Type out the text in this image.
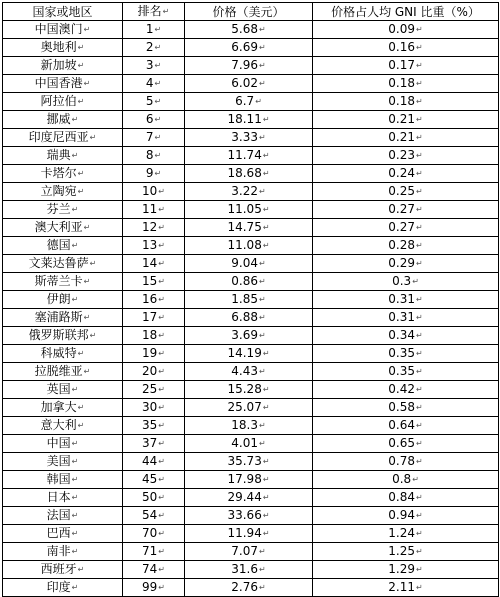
国家或地区	排名 ↵	价格（美元）	价格占人均 GNI 比重（%）
中国澳门 ↵	1 ↵	5.68 ↵	0.09 ↵
奥地利 ↵	2 ↵	6.69 ↵	0.16 ↵
新加坡 ↵	3 ↵	7.96 ↵	0.17 ↵
中国香港 ↵	4 ↵	6.02 ↵	0.18 ↵
阿拉伯 ↵	5 ↵	6.7 ↵	0.18 ↵
挪威 ↵	6 ↵	18.11 ↵	0.21 ↵
印度尼西亚 ↵	7 ↵	3.33 ↵	0.21 ↵
瑞典 ↵	8 ↵	11.74 ↵	0.23 ↵
卡塔尔 ↵	9 ↵	18.68 ↵	0.24 ↵
立陶宛 ↵	10 ↵	3.22 ↵	0.25 ↵
芬兰 ↵	11 ↵	11.05 ↵	0.27 ↵
澳大利亚 ↵	12 ↵	14.75 ↵	0.27 ↵
德国 ↵	13 ↵	11.08 ↵	0.28 ↵
文莱达鲁萨 ↵	14 ↵	9.04 ↵	0.29 ↵
斯蒂兰卡 ↵	15 ↵	0.86 ↵	0.3 ↵
伊朗 ↵	16 ↵	1.85 ↵	0.31 ↵
塞浦路斯 ↵	17 ↵	6.88 ↵	0.31 ↵
俄罗斯联邦 ↵	18 ↵	3.69 ↵	0.34 ↵
科威特 ↵	19 ↵	14.19 ↵	0.35 ↵
拉脱维亚 ↵	20 ↵	4.43 ↵	0.35 ↵
英国 ↵	25 ↵	15.28 ↵	0.42 ↵
加拿大 ↵	30 ↵	25.07 ↵	0.58 ↵
意大利 ↵	35 ↵	18.3 ↵	0.64 ↵
中国 ↵	37 ↵	4.01 ↵	0.65 ↵
美国 ↵	44 ↵	35.73 ↵	0.78 ↵
韩国 ↵	45 ↵	17.98 ↵	0.8 ↵
日本 ↵	50 ↵	29.44 ↵	0.84 ↵
法国 ↵	54 ↵	33.66 ↵	0.94 ↵
巴西 ↵	70 ↵	11.94 ↵	1.24 ↵
南非 ↵	71 ↵	7.07 ↵	1.25 ↵
西班牙 ↵	74 ↵	31.6 ↵	1.29 ↵
印度 ↵	99 ↵	2.76 ↵	2.11 ↵
